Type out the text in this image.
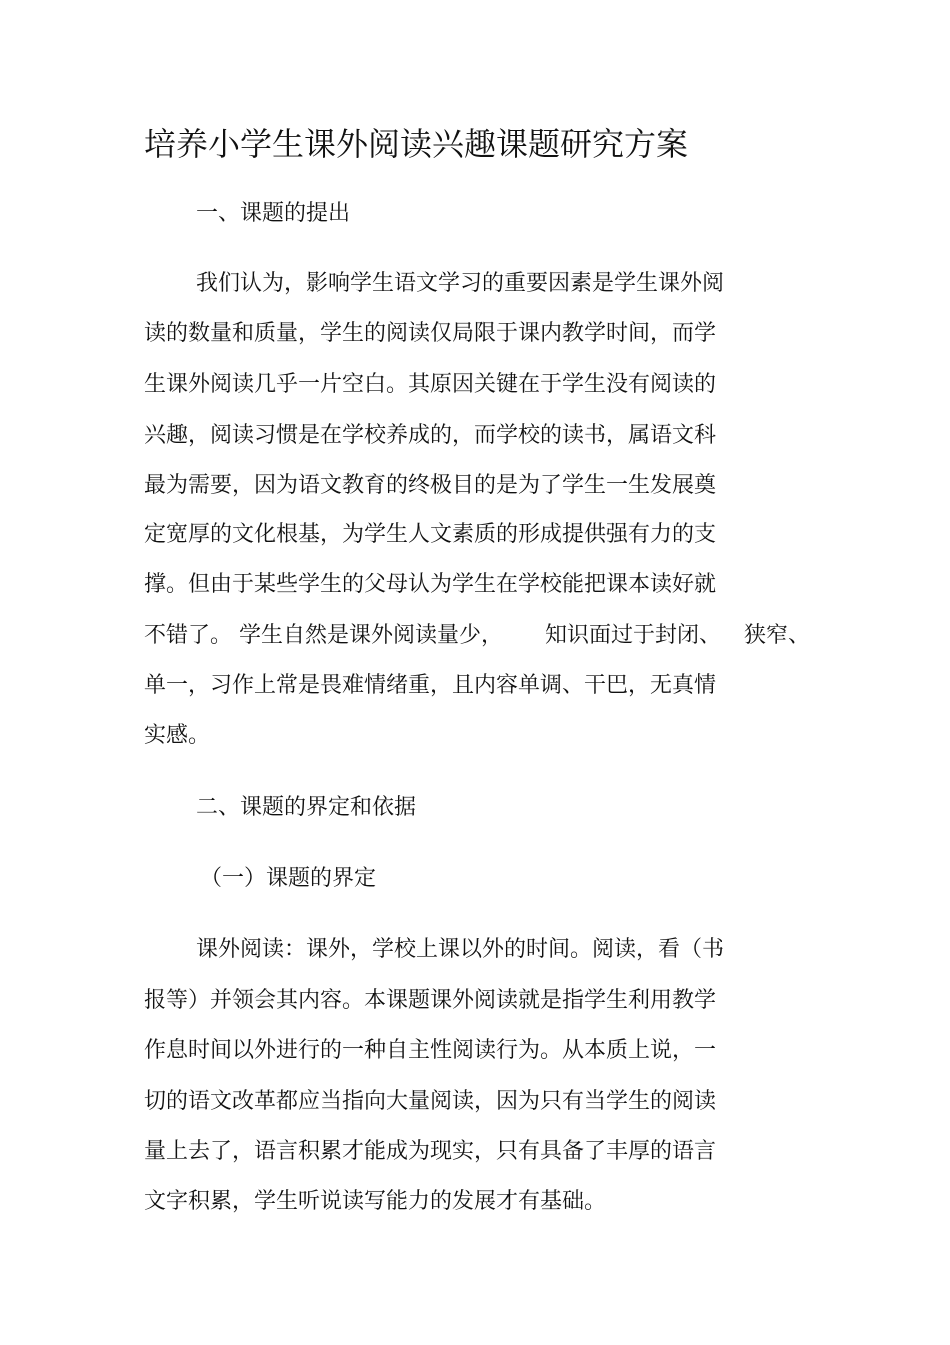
培养小学生课外阅读兴趣课题研究方案
一、课题的提出
我们认为，影响学生语文学习的重要因素是学生课外阅
读的数量和质量，学生的阅读仅局限于课内教学时间，而学
生课外阅读几乎一片空白。其原因关键在于学生没有阅读的
兴趣，阅读习惯是在学校养成的，而学校的读书，属语文科
最为需要，因为语文教育的终极目的是为了学生一生发展奠
定宽厚的文化根基，为学生人文素质的形成提供强有力的支
撑。但由于某些学生的父母认为学生在学校能把课本读好就
不错了。 学生自然是课外阅读量少， 知识面过于封闭、 狭窄、
单一，习作上常是畏难情绪重，且内容单调、干巴，无真情
实感。
二、课题的界定和依据
（一）课题的界定
课外阅读：课外，学校上课以外的时间。阅读，看（书
报等）并领会其内容。本课题课外阅读就是指学生利用教学
作息时间以外进行的一种自主性阅读行为。从本质上说，一
切的语文改革都应当指向大量阅读，因为只有当学生的阅读
量上去了，语言积累才能成为现实，只有具备了丰厚的语言
文字积累，学生听说读写能力的发展才有基础。
